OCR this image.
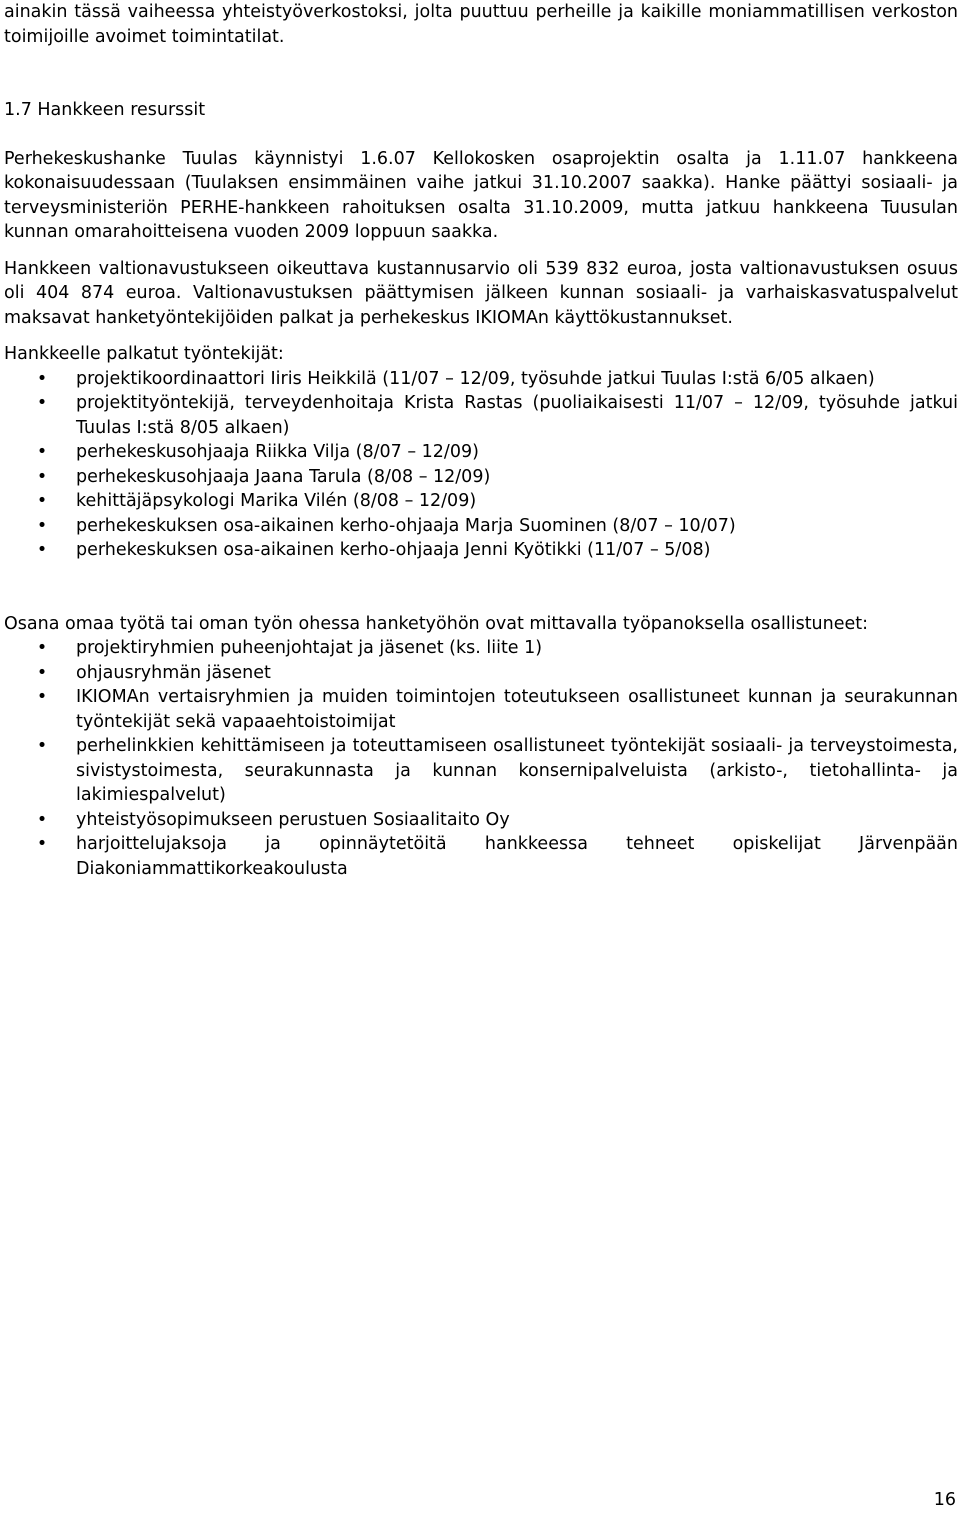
ainakin tässä vaiheessa yhteistyöverkostoksi, jolta puuttuu perheille ja kaikille moniammatillisen verkoston toimijoille avoimet toimintatilat.

1.7 Hankkeen resurssit

Perhekeskushanke Tuulas käynnistyi 1.6.07 Kellokosken osaprojektin osalta ja 1.11.07 hankkeena kokonaisuudessaan (Tuulaksen ensimmäinen vaihe jatkui 31.10.2007 saakka). Hanke päättyi sosiaali- ja terveysministeriön PERHE-hankkeen rahoituksen osalta 31.10.2009, mutta jatkuu hankkeena Tuusulan kunnan omarahoitteisena vuoden 2009 loppuun saakka.

Hankkeen valtionavustukseen oikeuttava kustannusarvio oli 539 832 euroa, josta valtionavustuksen osuus oli 404 874 euroa. Valtionavustuksen päättymisen jälkeen kunnan sosiaali- ja varhaiskasvatuspalvelut maksavat hanketyöntekijöiden palkat ja perhekeskus IKIOMAn käyttökustannukset.

Hankkeelle palkatut työntekijät:

• projektikoordinaattori Iiris Heikkilä (11/07 – 12/09, työsuhde jatkui Tuulas I:stä 6/05 alkaen)
• projektityöntekijä, terveydenhoitaja Krista Rastas (puoliaikaisesti 11/07 – 12/09, työsuhde jatkui Tuulas I:stä 8/05 alkaen)
• perhekeskusohjaaja Riikka Vilja (8/07 – 12/09)
• perhekeskusohjaaja Jaana Tarula (8/08 – 12/09)
• kehittäjäpsykologi Marika Vilén (8/08 – 12/09)
• perhekeskuksen osa-aikainen kerho-ohjaaja Marja Suominen (8/07 – 10/07)
• perhekeskuksen osa-aikainen kerho-ohjaaja Jenni Kyötikki (11/07 – 5/08)

Osana omaa työtä tai oman työn ohessa hanketyöhön ovat mittavalla työpanoksella osallistuneet:

• projektiryhmien puheenjohtajat ja jäsenet (ks. liite 1)
• ohjausryhmän jäsenet
• IKIOMAn vertaisryhmien ja muiden toimintojen toteutukseen osallistuneet kunnan ja seurakunnan työntekijät sekä vapaaehtoistoimijat
• perhelinkkien kehittämiseen ja toteuttamiseen osallistuneet työntekijät sosiaali- ja terveystoimesta, sivistystoimesta, seurakunnasta ja kunnan konsernipalveluista (arkisto-, tietohallinta- ja lakimiespalvelut)
• yhteistyösopimukseen perustuen Sosiaalitaito Oy
• harjoittelujaksoja ja opinnäytetöitä hankkeessa tehneet opiskelijat Järvenpään Diakoniammattikorkeakoulusta
16
